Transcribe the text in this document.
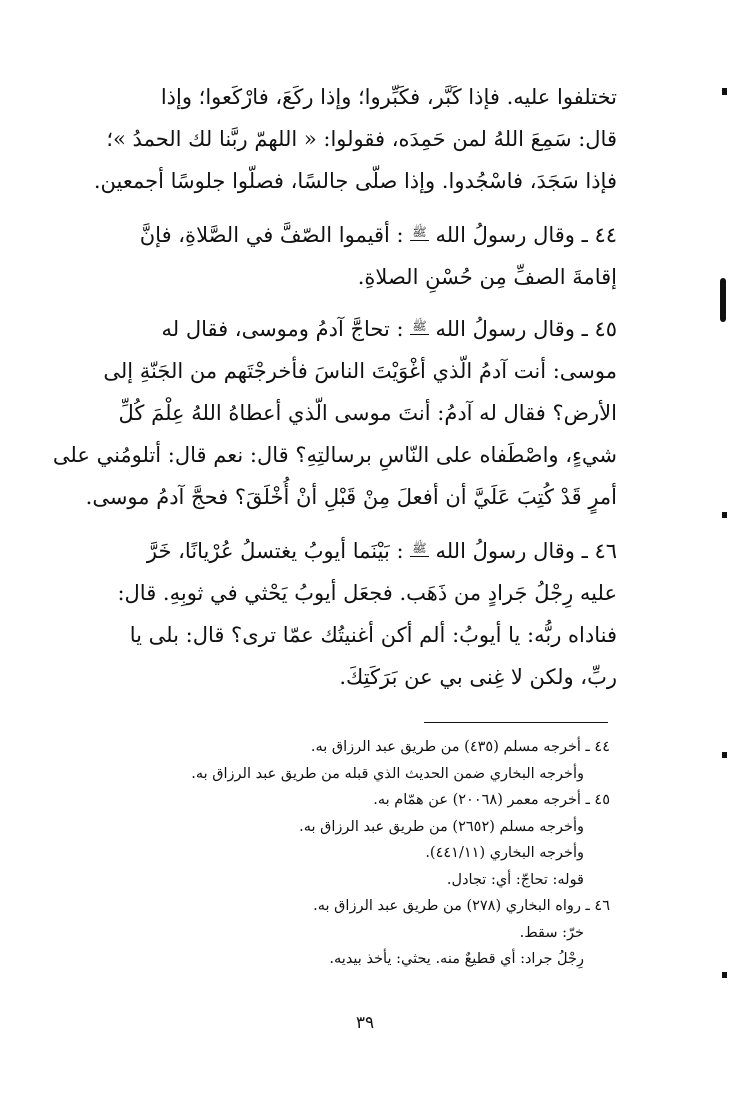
تختلفوا عليه. فإذا كَبَّر، فكَبِّروا؛ وإذا ركَعَ، فارْكَعوا؛ وإذا
قال: سَمِعَ اللهُ لمن حَمِدَه، فقولوا: « اللهمّ ربَّنا لك الحمدُ »؛
فإذا سَجَدَ، فاسْجُدوا. وإذا صلّى جالسًا، فصلّوا جلوسًا أجمعين.
٤٤ ـ وقال رسولُ الله ﷺ : أقيموا الصّفَّ في الصَّلاةِ، فإنَّ
إقامةَ الصفِّ مِن حُسْنِ الصلاةِ.
٤٥ ـ وقال رسولُ الله ﷺ : تحاجَّ آدمُ وموسى، فقال له
موسى: أنت آدمُ الّذي أغْوَيْتَ الناسَ فأخرجْتَهم من الجَنّةِ إلى
الأرض؟ فقال له آدمُ: أنتَ موسى الّذي أعطاهُ اللهُ عِلْمَ كُلِّ
شيءٍ، واصْطَفاه على النّاسِ برسالتِهِ؟ قال: نعم قال: أتلومُني على
أمرٍ قَدْ كُتِبَ عَلَيَّ أن أفعلَ مِنْ قَبْلِ أنْ أُخْلَقَ؟ فحجَّ آدمُ موسى.
٤٦ ـ وقال رسولُ الله ﷺ : بَيْنَما أيوبُ يغتسلُ عُرْيانًا، خَرَّ
عليه رِجْلُ جَرادٍ من ذَهَب. فجعَل أيوبُ يَحْثي في ثوبِهِ. قال:
فناداه ربُّه: يا أيوبُ: ألم أكن أغنيتُك عمّا ترى؟ قال: بلى يا
ربِّ، ولكن لا غِنى بي عن بَرَكَتِكَ.
٤٤ ـ أخرجه مسلم (٤٣٥) من طريق عبد الرزاق به.
وأخرجه البخاري ضمن الحديث الذي قبله من طريق عبد الرزاق به.
٤٥ ـ أخرجه معمر (٢٠٠٦٨) عن همّام به.
وأخرجه مسلم (٢٦٥٢) من طريق عبد الرزاق به.
وأخرجه البخاري (٤٤١/١١).
قوله: تحاجّ: أي: تجادل.
٤٦ ـ رواه البخاري (٢٧٨) من طريق عبد الرزاق به.
خرّ: سقط.
رِجْلُ جراد: أي قطيعٌ منه. يحثي: يأخذ بيديه.
٣٩
